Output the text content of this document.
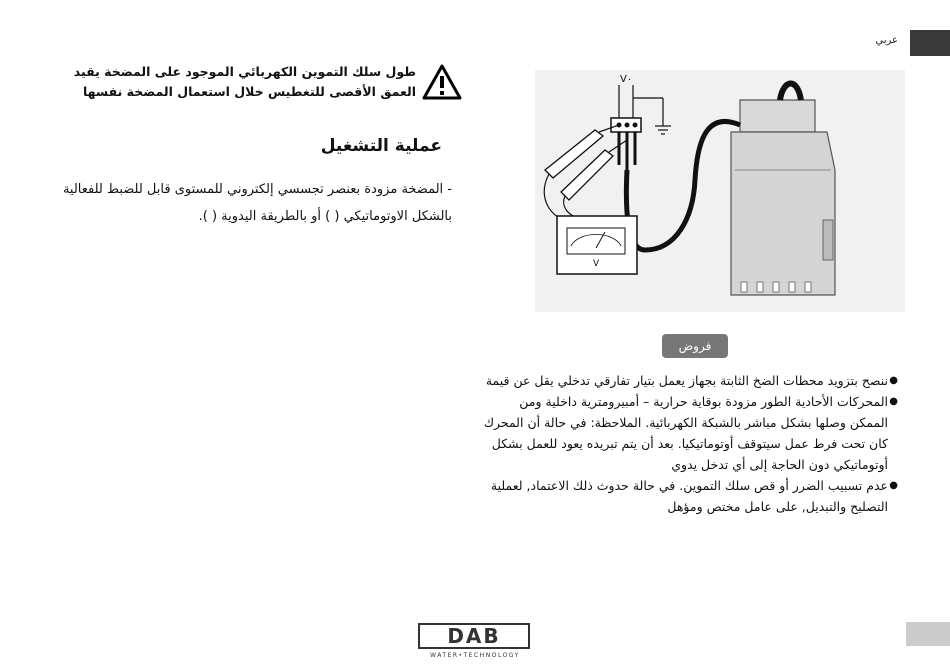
عربي
طول سلك التموين الكهربائي الموجود على المضخة يقيد العمق الأقصى للتغطيس خلال استعمال المضخة نفسها
عملية التشغيل
- المضخة مزودة بعنصر تجسسي إلكتروني للمستوى قابل للضبط للفعالية بالشكل الاوتوماتيكي ( ) أو بالطريقة اليدوية ( ).
V٠
V
فروض
●
ننصح بتزويد محطات الضخ الثابتة بجهاز يعمل بتيار تفارقي تدخلي يقل عن قيمة
●
المحركات الأحادية الطور مزودة بوقاية حرارية – أمبيرومترية داخلية ومن الممكن وصلها بشكل مباشر بالشبكة الكهربائية. الملاحظة: في حالة أن المحرك كان تحت فرط عمل سيتوقف أوتوماتيكيا. بعد أن يتم تبريده يعود للعمل بشكل أوتوماتيكي دون الحاجة إلى أي تدخل يدوي
●
عدم تسبيب الضرر أو قص سلك التموين. في حالة حدوث ذلك الاعتماد, لعملية التصليح والتبديل, على عامل مختص ومؤهل
DAB
WATER•TECHNOLOGY
